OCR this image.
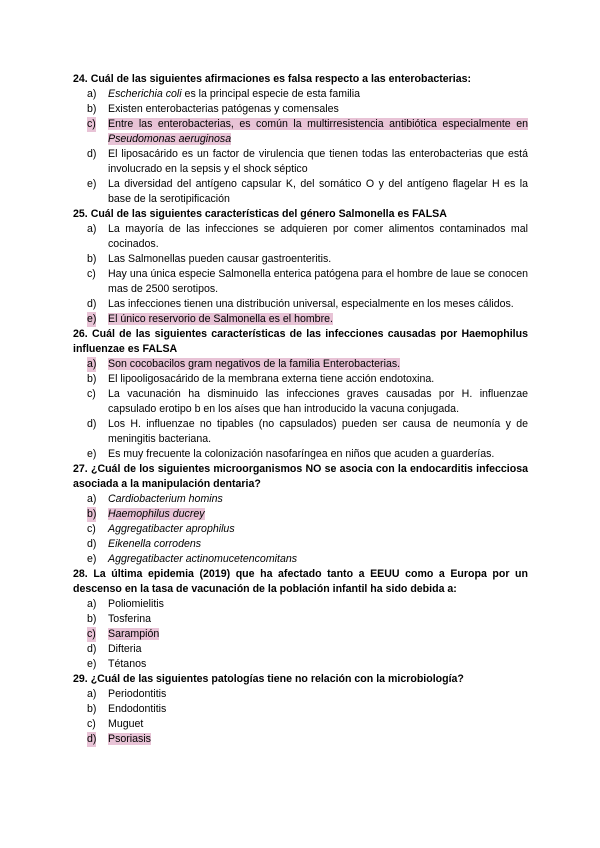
24. Cuál de las siguientes afirmaciones es falsa respecto a las enterobacterias:

a) Escherichia coli es la principal especie de esta familia
b) Existen enterobacterias patógenas y comensales
c) Entre las enterobacterias, es común la multirresistencia antibiótica especialmente en Pseudomonas aeruginosa
d) El liposacárido es un factor de virulencia que tienen todas las enterobacterias que está involucrado en la sepsis y el shock séptico
e) La diversidad del antígeno capsular K, del somático O y del antígeno flagelar H es la base de la serotipificación

25. Cuál de las siguientes características del género Salmonella es FALSA

a) La mayoría de las infecciones se adquieren por comer alimentos contaminados mal cocinados.
b) Las Salmonellas pueden causar gastroenteritis.
c) Hay una única especie Salmonella enterica patógena para el hombre de laue se conocen mas de 2500 serotipos.
d) Las infecciones tienen una distribución universal, especialmente en los meses cálidos.
e) El único reservorio de Salmonella es el hombre.

26. Cuál de las siguientes características de las infecciones causadas por Haemophilus influenzae es FALSA

a) Son cocobacilos gram negativos de la familia Enterobacterias.
b) El lipooligosacárido de la membrana externa tiene acción endotoxina.
c) La vacunación ha disminuido las infecciones graves causadas por H. influenzae capsulado erotipo b en los aíses que han introducido la vacuna conjugada.
d) Los H. influenzae no tipables (no capsulados) pueden ser causa de neumonía y de meningitis bacteriana.
e) Es muy frecuente la colonización nasofaríngea en niños que acuden a guarderías.

27. ¿Cuál de los siguientes microorganismos NO se asocia con la endocarditis infecciosa asociada a la manipulación dentaria?

a) Cardiobacterium homins
b) Haemophilus ducrey
c) Aggregatibacter aprophilus
d) Eikenella corrodens
e) Aggregatibacter actinomucetencomitans

28. La última epidemia (2019) que ha afectado tanto a EEUU como a Europa por un descenso en la tasa de vacunación de la población infantil ha sido debida a:

a) Poliomielitis
b) Tosferina
c) Sarampión
d) Difteria
e) Tétanos

29. ¿Cuál de las siguientes patologías tiene no relación con la microbiología?

a) Periodontitis
b) Endodontitis
c) Muguet
d) Psoriasis
